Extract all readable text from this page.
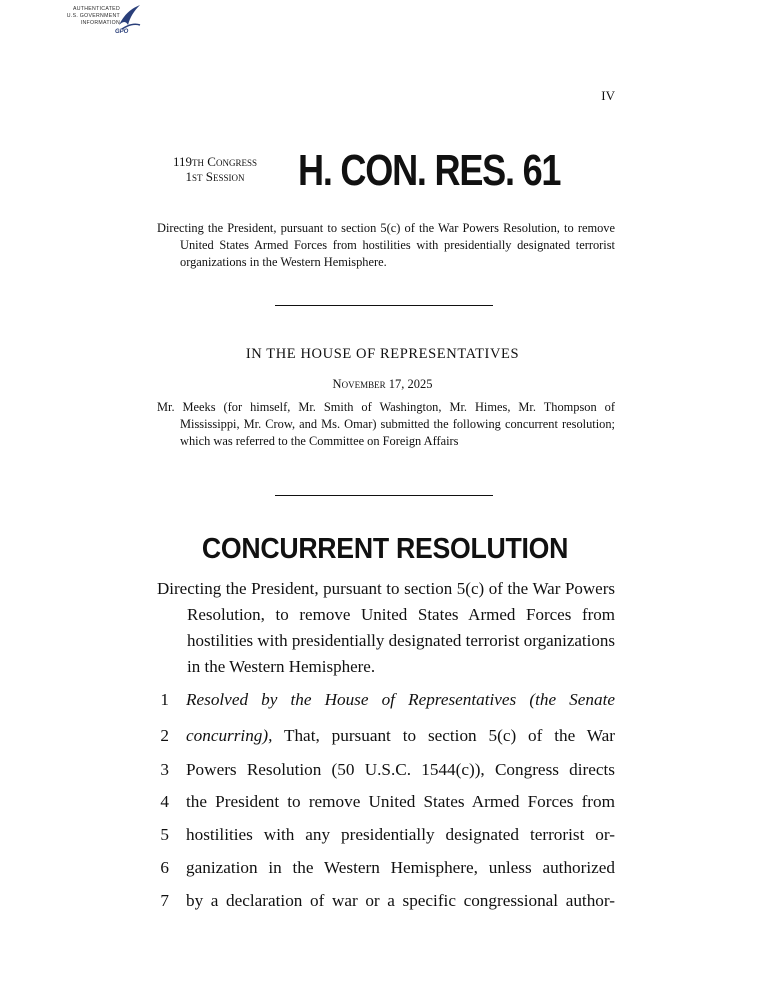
AUTHENTICATED
U.S. GOVERNMENT
INFORMATION
GPO
IV
119th Congress
1st Session	H. CON. RES. 61
Directing the President, pursuant to section 5(c) of the War Powers Resolution, to remove United States Armed Forces from hostilities with presidentially designated terrorist organizations in the Western Hemisphere.
IN THE HOUSE OF REPRESENTATIVES
November 17, 2025
Mr. Meeks (for himself, Mr. Smith of Washington, Mr. Himes, Mr. Thompson of Mississippi, Mr. Crow, and Ms. Omar) submitted the following concurrent resolution; which was referred to the Committee on Foreign Affairs
CONCURRENT RESOLUTION
Directing the President, pursuant to section 5(c) of the War Powers Resolution, to remove United States Armed Forces from hostilities with presidentially designated terrorist organizations in the Western Hemisphere.
1 Resolved by the House of Representatives (the Senate
2 concurring), That, pursuant to section 5(c) of the War
3 Powers Resolution (50 U.S.C. 1544(c)), Congress directs
4 the President to remove United States Armed Forces from
5 hostilities with any presidentially designated terrorist or-
6 ganization in the Western Hemisphere, unless authorized
7 by a declaration of war or a specific congressional author-
